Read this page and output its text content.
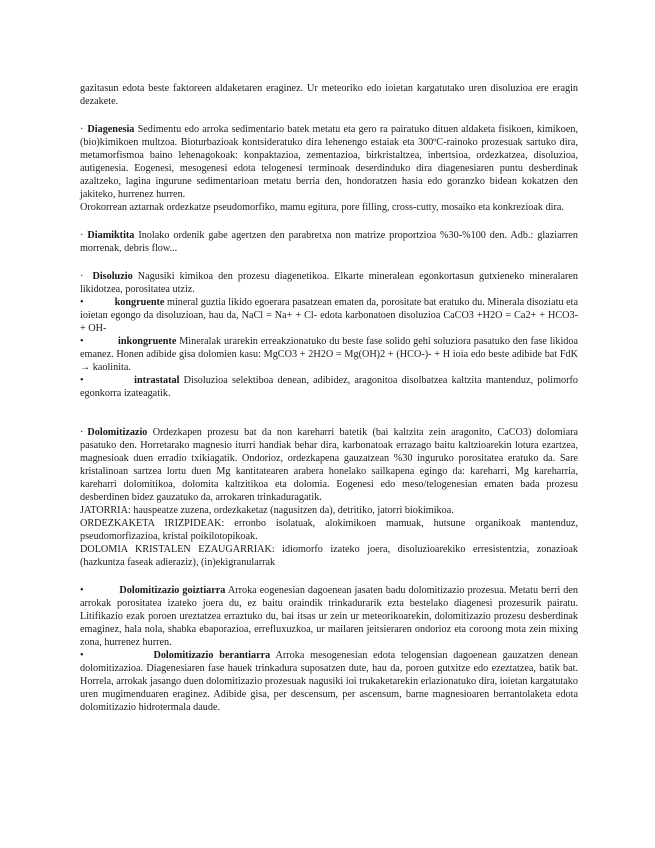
gazitasun edota beste faktoreen aldaketaren eraginez. Ur meteoriko edo ioietan kargatutako uren disoluzioa ere eragin dezakete.

· Diagenesia Sedimentu edo arroka sedimentario batek metatu eta gero ra pairatuko dituen aldaketa fisikoen, kimikoen, (bio)kimikoen multzoa. Bioturbazioak kontsideratuko dira lehenengo estaiak eta 300ºC-rainoko prozesuak sartuko dira, metamorfismoa baino lehenagokoak: konpaktazioa, zementazioa, birkristaltzea, inbertsioa, ordezkatzea, disoluzioa, autigenesia. Eogenesi, mesogenesi edota telogenesi terminoak deserdinduko dira diagenesiaren puntu desberdinak azaltzeko, lagina ingurune sedimentarioan metatu berria den, hondoratzen hasia edo goranzko bidean kokatzen den jakiteko, hurrenez hurren.

Orokorrean aztarnak ordezkatze pseudomorfiko, mamu egitura, pore filling, cross-cutty, mosaiko eta konkrezioak dira.

· Diamiktita Inolako ordenik gabe agertzen den parabretxa non matrize proportzioa %30-%100 den. Adb.: glaziarren morrenak, debris flow...

· Disoluzio Nagusiki kimikoa den prozesu diagenetikoa. Elkarte mineralean egonkortasun gutxieneko mineralaren likidotzea, porositatea utziz.

•	kongruente mineral guztia likido egoerara pasatzean ematen da, porositate bat eratuko du. Minerala disoziatu eta ioietan egongo da disoluzioan, hau da, NaCl = Na+ + Cl- edota karbonatoen disoluzioa CaCO3 +H2O = Ca2+ + HCO3- + OH-

•	inkongruente Mineralak urarekin erreakzionatuko du beste fase solido gehi soluziora pasatuko den fase likidoa emanez. Honen adibide gisa dolomien kasu: MgCO3 + 2H2O = Mg(OH)2 + (HCO-)- + H ioia edo beste adibide bat FdK → kaolinita.

•	intrastatal Disoluzioa selektiboa denean, adibidez, aragonitoa disolbatzea kaltzita mantenduz, polimorfo egonkorra izateagatik.

· Dolomitizazio Ordezkapen prozesu bat da non kareharri batetik (bai kaltzita zein aragonito, CaCO3) dolomiara pasatuko den. Horretarako magnesio iturri handiak behar dira, karbonatoak errazago baitu kaltzioarekin lotura ezartzea, magnesioak duen erradio txikiagatik. Ondorioz, ordezkapena gauzatzean %30 inguruko porositatea eratuko da. Sare kristalinoan sartzea lortu duen Mg kantitatearen arabera honelako sailkapena egingo da: kareharri, Mg kareharria, kareharri dolomitikoa, dolomita kaltzitikoa eta dolomia. Eogenesi edo meso/telogenesian ematen bada prozesu desberdinen bidez gauzatuko da, arrokaren trinkaduragatik.

JATORRIA: hauspeatze zuzena, ordezkaketaz (nagusitzen da), detritiko, jatorri biokimikoa.

ORDEZKAKETA IRIZPIDEAK: erronbo isolatuak, alokimikoen mamuak, hutsune organikoak mantenduz, pseudomorfizazioa, kristal poikilotopikoak.

DOLOMIA KRISTALEN EZAUGARRIAK: idiomorfo izateko joera, disoluzioarekiko erresistentzia, zonazioak (hazkuntza faseak adieraziz), (in)ekigranularrak

•	Dolomitizazio goiztiarra Arroka eogenesian dagoenean jasaten badu dolomitizazio prozesua. Metatu berri den arrokak porositatea izateko joera du, ez baitu oraindik trinkadurarik ezta bestelako diagenesi prozesurik pairatu. Litifikazio ezak poroen ureztatzea erraztuko du, bai itsas ur zein ur meteorikoarekin, dolomitizazio prozesu desberdinak emaginez, hala nola, shabka ebaporazioa, errefluxuzkoa, ur mailaren jeitsieraren ondorioz eta coroong mota zein mixing zona, hurrenez hurren.

•	Dolomitizazio berantiarra Arroka mesogenesian edota telogensian dagoenean gauzatzen denean dolomitizazioa. Diagenesiaren fase hauek trinkadura suposatzen dute, hau da, poroen gutxitze edo ezeztatzea, batik bat. Horrela, arrokak jasango duen dolomitizazio prozesuak nagusiki ioi trukaketarekin erlazionatuko dira, ioietan kargatutako uren mugimenduaren eraginez. Adibide gisa, per descensum, per ascensum, barne magnesioaren berrantolaketa edota dolomitizazio hidrotermala daude.
